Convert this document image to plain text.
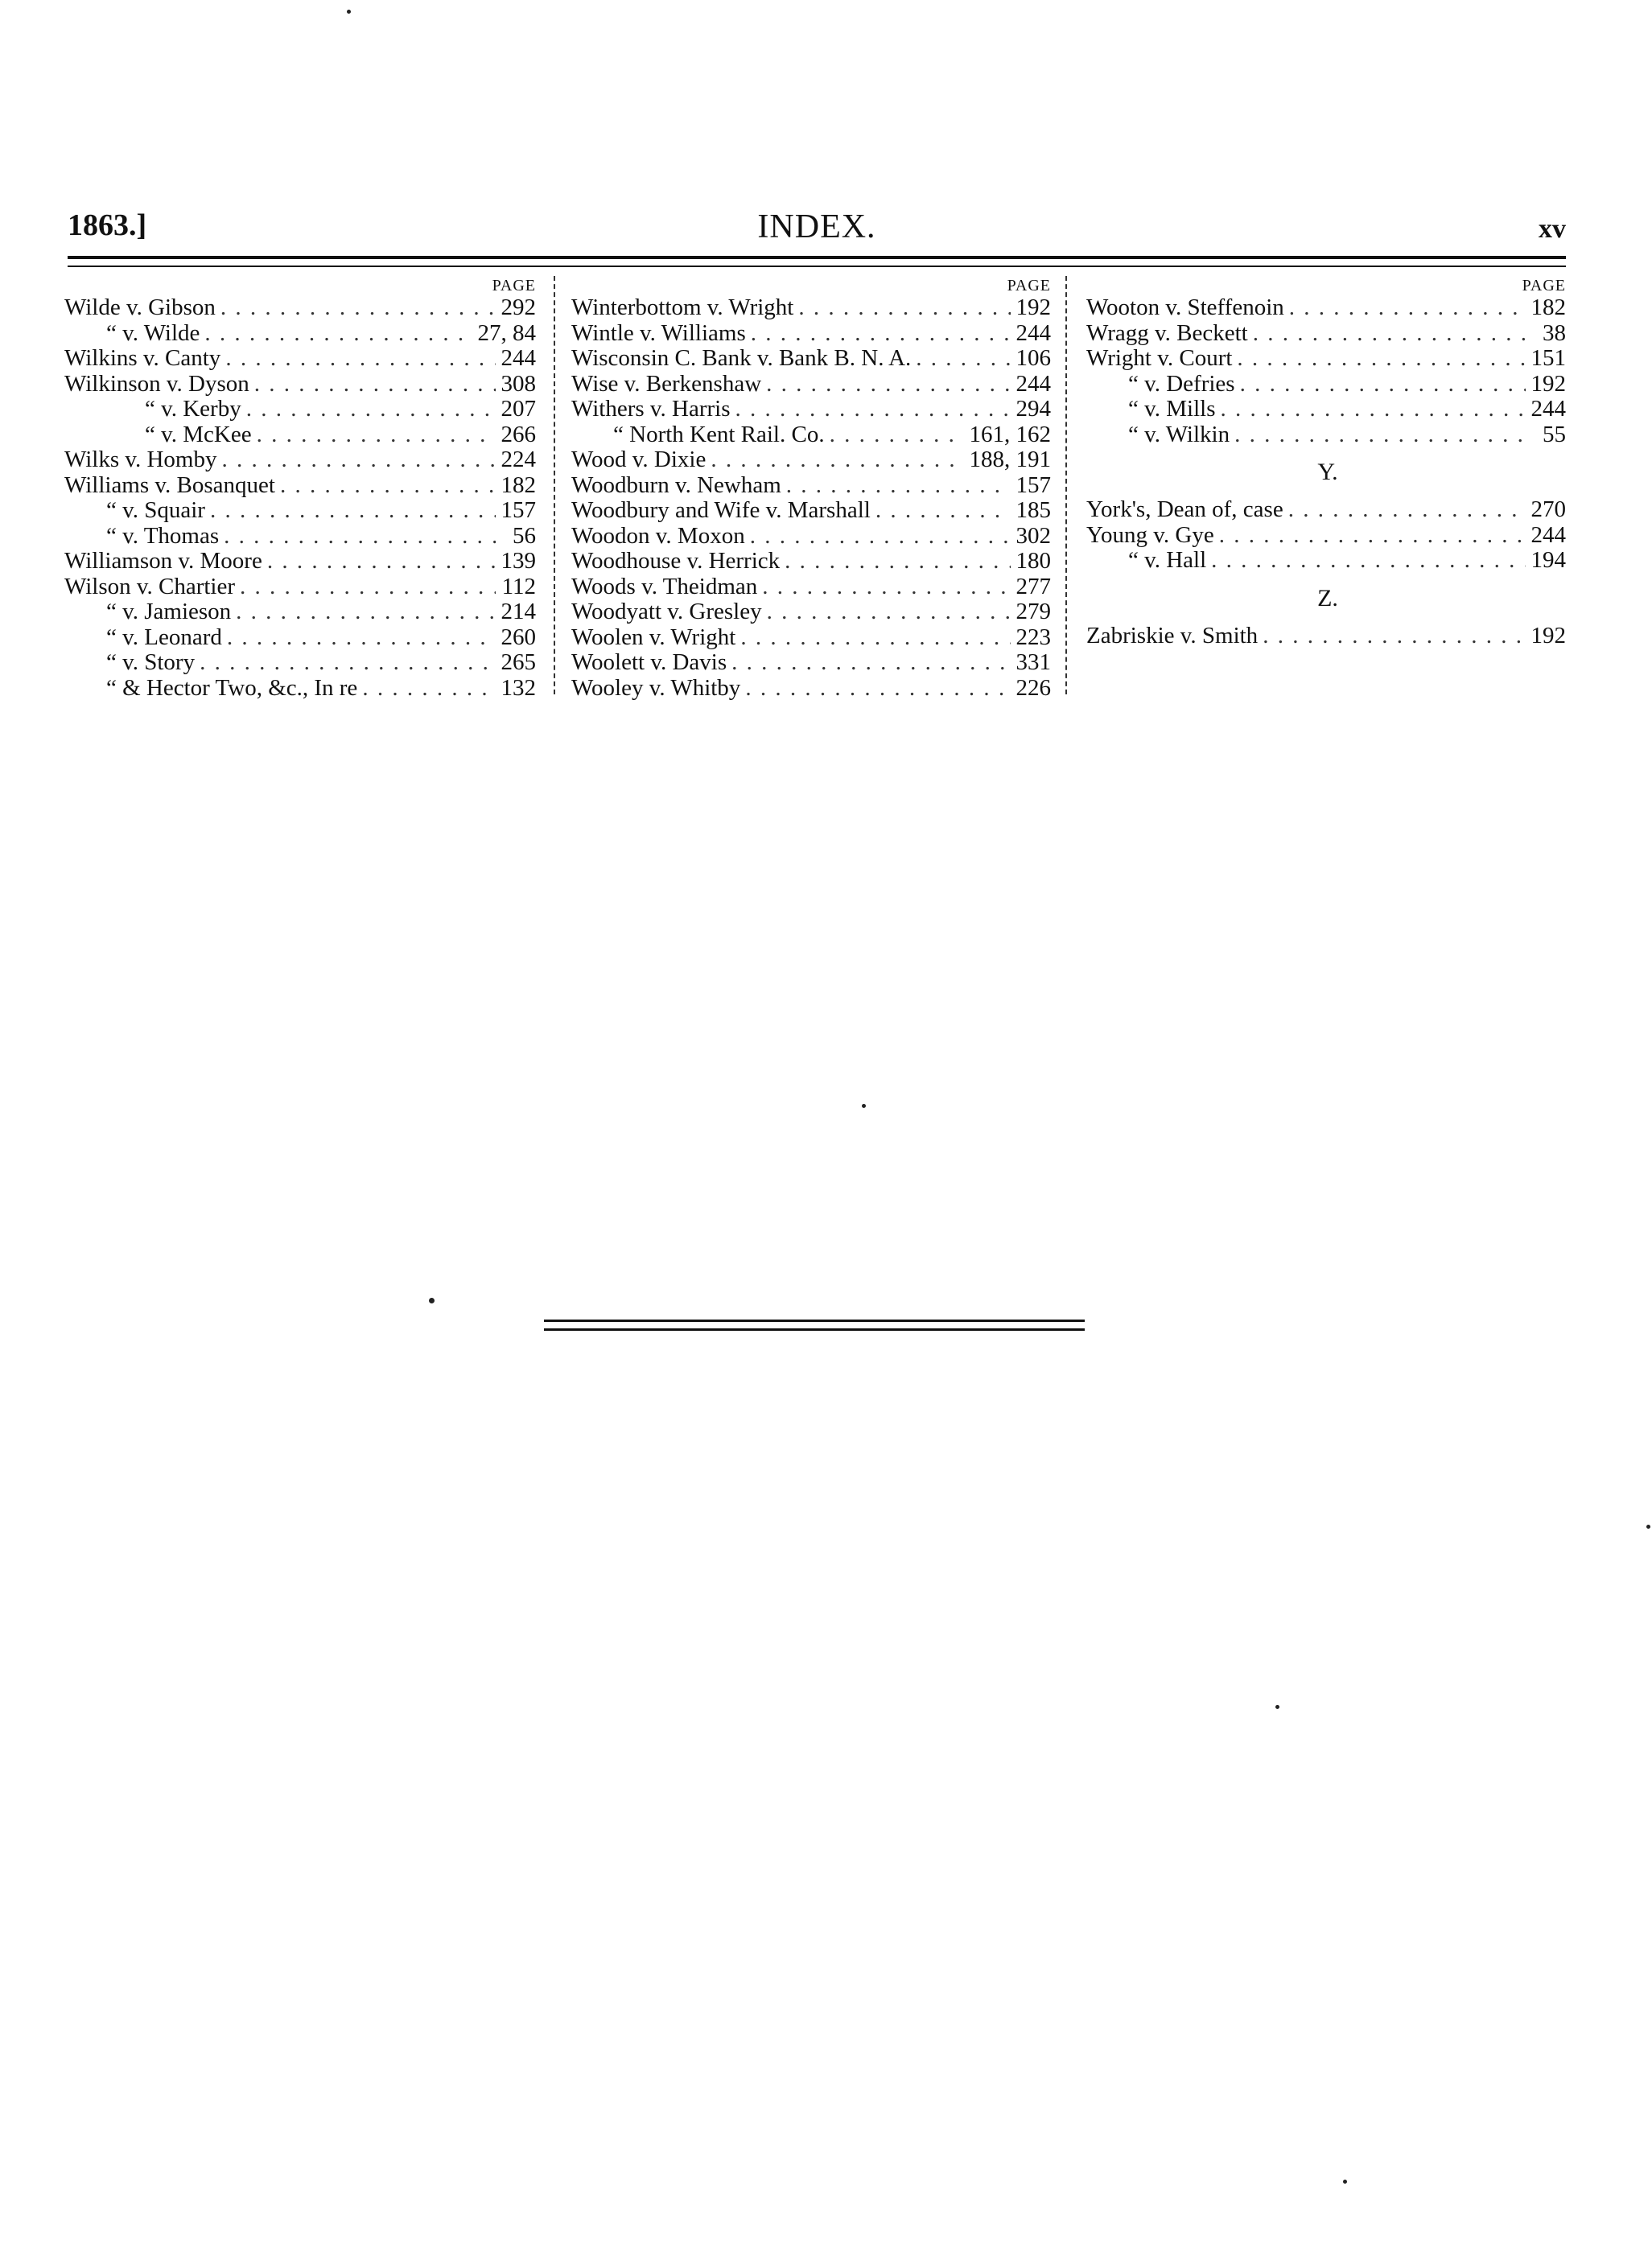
1863.]	INDEX.	xv
PAGE
Wilde v. Gibson . . .	292
“ v. Wilde . . .	27, 84
Wilkins v. Canty . . .	244
Wilkinson v. Dyson . . .	308
“ v. Kerby . . .	207
“ v. McKee . . .	266
Wilks v. Homby . . .	224
Williams v. Bosanquet . . .	182
“ v. Squair . . .	157
“ v. Thomas . . .	56
Williamson v. Moore . . .	139
Wilson v. Chartier . . .	112
“ v. Jamieson . . .	214
“ v. Leonard . . .	260
“ v. Story . . .	265
“ & Hector Two, &c., In re . . .	132
PAGE
Winterbottom v. Wright . . .	192
Wintle v. Williams . . .	244
Wisconsin C. Bank v. Bank B. N. A. . . .	106
Wise v. Berkenshaw . . .	244
Withers v. Harris . . .	294
“ North Kent Rail. Co. . . .	161, 162
Wood v. Dixie . . .	188, 191
Woodburn v. Newham . . .	157
Woodbury and Wife v. Marshall . . .	185
Woodon v. Moxon . . .	302
Woodhouse v. Herrick . . .	180
Woods v. Theidman . . .	277
Woodyatt v. Gresley . . .	279
Woolen v. Wright . . .	223
Woolett v. Davis . . .	331
Wooley v. Whitby . . .	226
PAGE
Wooton v. Steffenoin . . .	182
Wragg v. Beckett . . .	38
Wright v. Court . . .	151
“ v. Defries . . .	192
“ v. Mills . . .	244
“ v. Wilkin . . .	55
Y.
York's, Dean of, case . . .	270
Young v. Gye . . .	244
“ v. Hall . . .	194
Z.
Zabriskie v. Smith . . .	192
